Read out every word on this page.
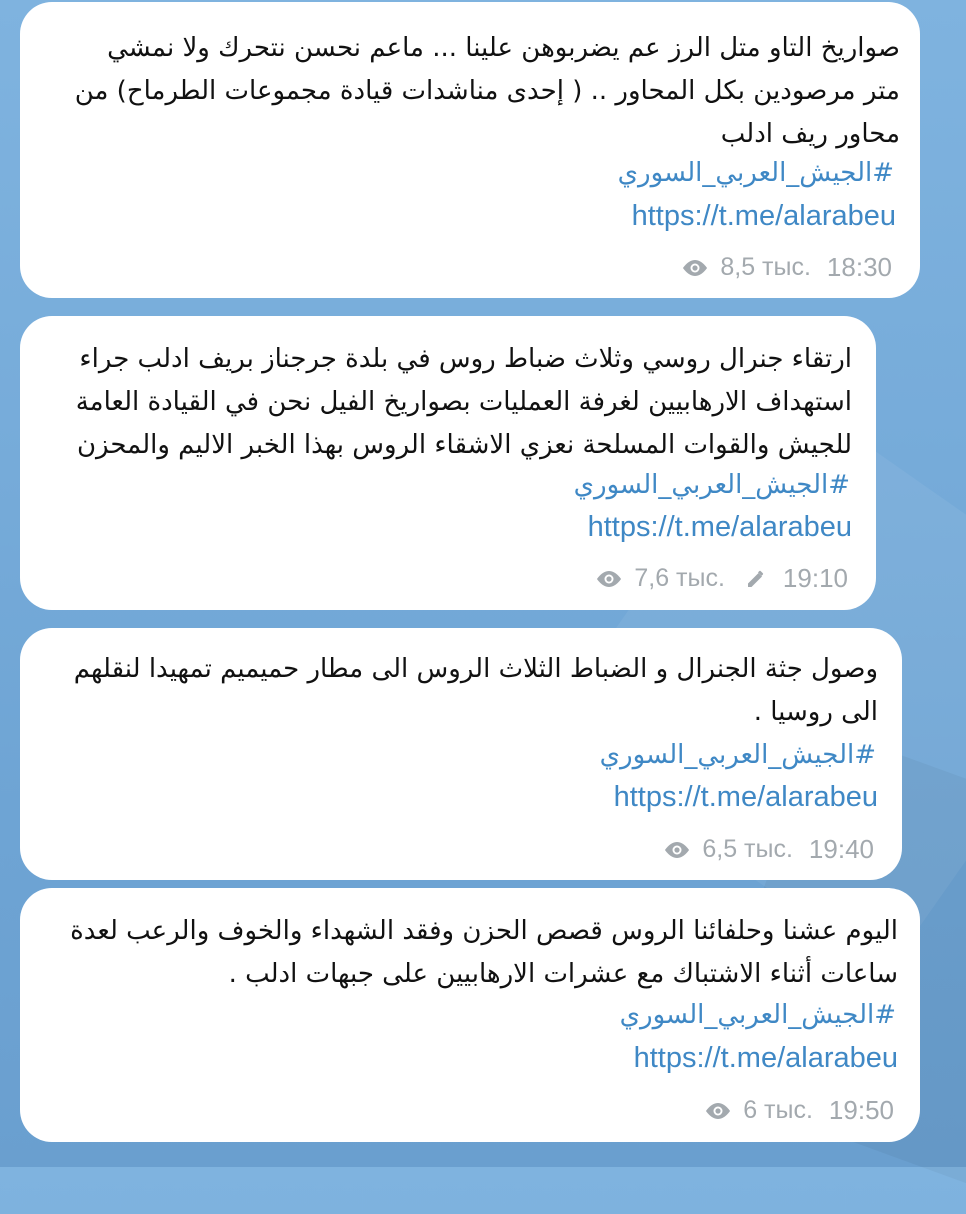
صواريخ التاو متل الرز عم يضربوهن علينا ... ماعم نحسن نتحرك ولا نمشي
متر مرصودين بكل المحاور .. ( إحدى مناشدات قيادة مجموعات الطرماح) من
محاور ريف ادلب
#الجيش_العربي_السوري
https://t.me/alarabeu
8,5 тыс. 18:30
ارتقاء جنرال روسي وثلاث ضباط روس في بلدة جرجناز بريف ادلب جراء
استهداف الارهابيين لغرفة العمليات بصواريخ الفيل نحن في القيادة العامة
للجيش والقوات المسلحة نعزي الاشقاء الروس بهذا الخبر الاليم والمحزن
#الجيش_العربي_السوري
https://t.me/alarabeu
7,6 тыс. 19:10
وصول جثة الجنرال و الضباط الثلاث الروس الى مطار حميميم تمهيدا لنقلهم
الى روسيا .
#الجيش_العربي_السوري
https://t.me/alarabeu
6,5 тыс. 19:40
اليوم عشنا وحلفائنا الروس قصص الحزن وفقد الشهداء والخوف والرعب لعدة
ساعات أثناء الاشتباك مع عشرات الارهابيين على جبهات ادلب .
#الجيش_العربي_السوري
https://t.me/alarabeu
6 тыс. 19:50
